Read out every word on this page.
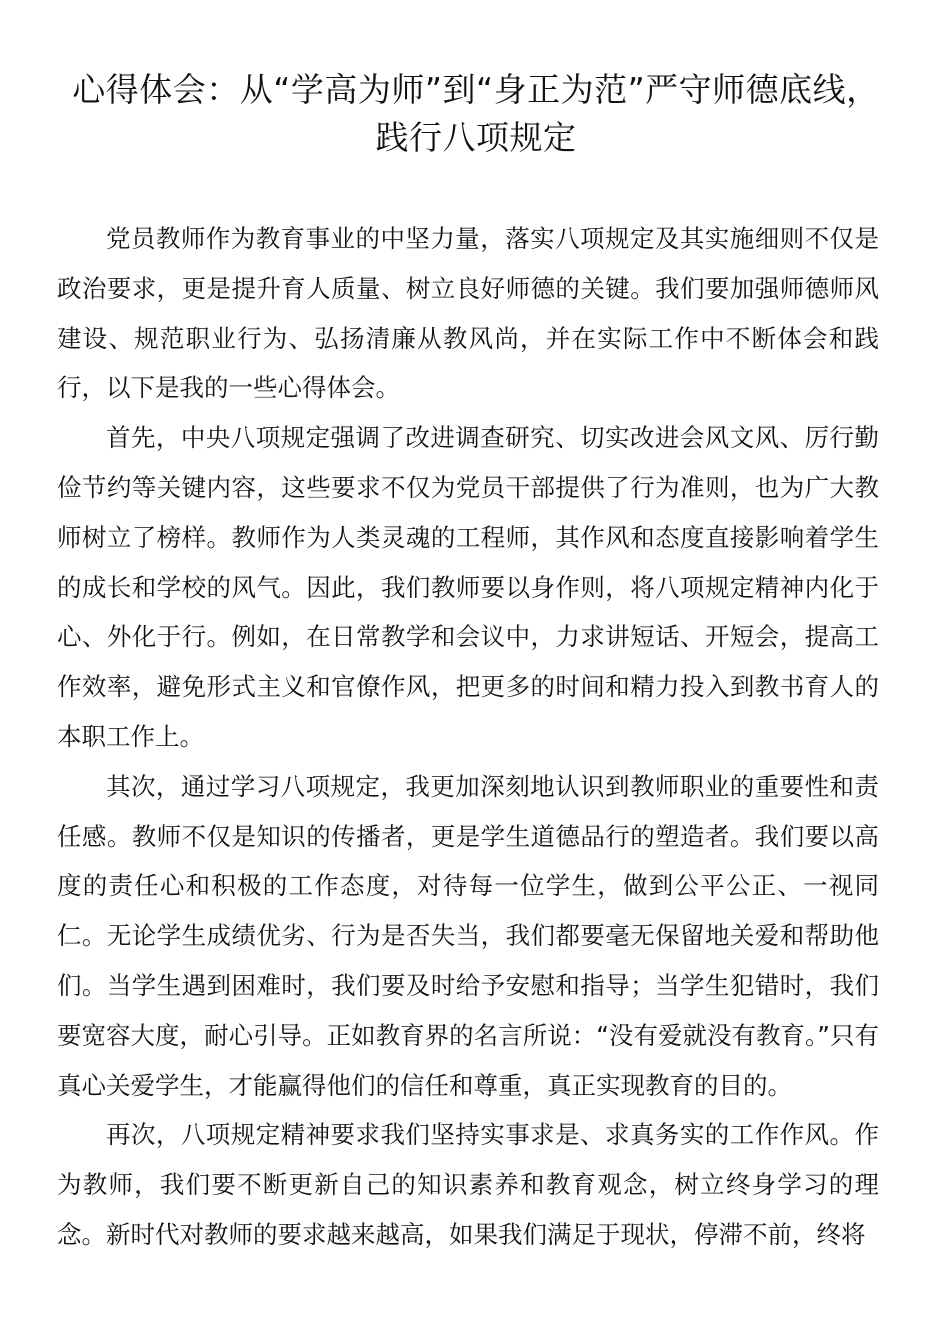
心得体会：从“学高为师”到“身正为范”严守师德底线，践行八项规定

党员教师作为教育事业的中坚力量，落实八项规定及其实施细则不仅是政治要求，更是提升育人质量、树立良好师德的关键。我们要加强师德师风建设、规范职业行为、弘扬清廉从教风尚，并在实际工作中不断体会和践行，以下是我的一些心得体会。

首先，中央八项规定强调了改进调查研究、切实改进会风文风、厉行勤俭节约等关键内容，这些要求不仅为党员干部提供了行为准则，也为广大教师树立了榜样。教师作为人类灵魂的工程师，其作风和态度直接影响着学生的成长和学校的风气。因此，我们教师要以身作则，将八项规定精神内化于心、外化于行。例如，在日常教学和会议中，力求讲短话、开短会，提高工作效率，避免形式主义和官僚作风，把更多的时间和精力投入到教书育人的本职工作上。

其次，通过学习八项规定，我更加深刻地认识到教师职业的重要性和责任感。教师不仅是知识的传播者，更是学生道德品行的塑造者。我们要以高度的责任心和积极的工作态度，对待每一位学生，做到公平公正、一视同仁。无论学生成绩优劣、行为是否失当，我们都要毫无保留地关爱和帮助他们。当学生遇到困难时，我们要及时给予安慰和指导；当学生犯错时，我们要宽容大度，耐心引导。正如教育界的名言所说：“没有爱就没有教育。”只有真心关爱学生，才能赢得他们的信任和尊重，真正实现教育的目的。

再次，八项规定精神要求我们坚持实事求是、求真务实的工作作风。作为教师，我们要不断更新自己的知识素养和教育观念，树立终身学习的理念。新时代对教师的要求越来越高，如果我们满足于现状，停滞不前，终将
